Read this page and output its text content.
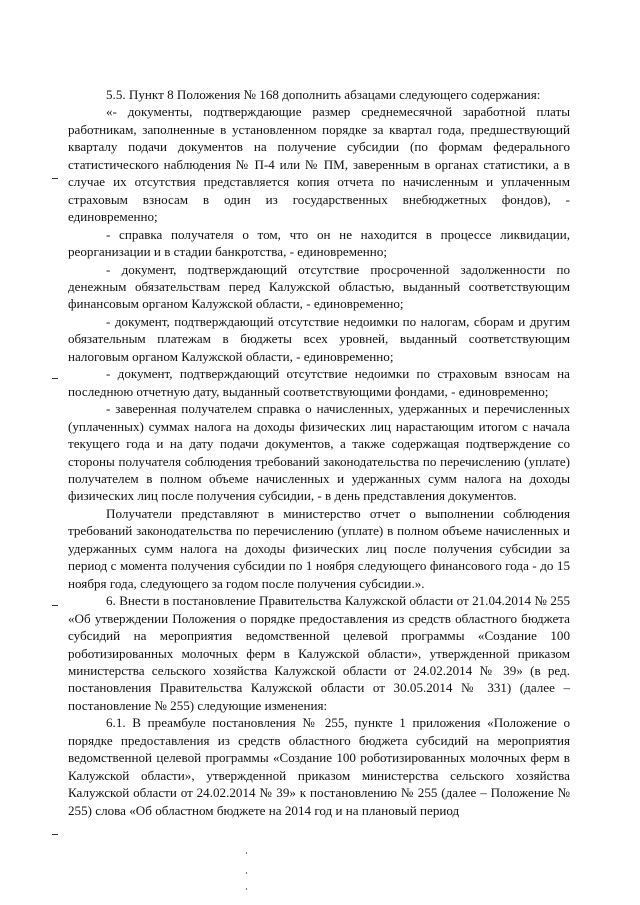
5.5. Пункт 8 Положения № 168 дополнить абзацами следующего содержания:

«- документы, подтверждающие размер среднемесячной заработной платы работникам, заполненные в установленном порядке за квартал года, предшествующий кварталу подачи документов на получение субсидии (по формам федерального статистического наблюдения № П-4 или № ПМ, заверенным в органах статистики, а в случае их отсутствия представляется копия отчета по начисленным и уплаченным страховым взносам в один из государственных внебюджетных фондов), - единовременно;

- справка получателя о том, что он не находится в процессе ликвидации, реорганизации и в стадии банкротства, - единовременно;

- документ, подтверждающий отсутствие просроченной задолженности по денежным обязательствам перед Калужской областью, выданный соответствующим финансовым органом Калужской области, - единовременно;

- документ, подтверждающий отсутствие недоимки по налогам, сборам и другим обязательным платежам в бюджеты всех уровней, выданный соответствующим налоговым органом Калужской области, - единовременно;

- документ, подтверждающий отсутствие недоимки по страховым взносам на последнюю отчетную дату, выданный соответствующими фондами, - единовременно;

- заверенная получателем справка о начисленных, удержанных и перечисленных (уплаченных) суммах налога на доходы физических лиц нарастающим итогом с начала текущего года и на дату подачи документов, а также содержащая подтверждение со стороны получателя соблюдения требований законодательства по перечислению (уплате) получателем в полном объеме начисленных и удержанных сумм налога на доходы физических лиц после получения субсидии, - в день представления документов.

Получатели представляют в министерство отчет о выполнении соблюдения требований законодательства по перечислению (уплате) в полном объеме начисленных и удержанных сумм налога на доходы физических лиц после получения субсидии за период с момента получения субсидии по 1 ноября следующего финансового года - до 15 ноября года, следующего за годом после получения субсидии.».

6. Внести в постановление Правительства Калужской области от 21.04.2014 № 255 «Об утверждении Положения о порядке предоставления из средств областного бюджета субсидий на мероприятия ведомственной целевой программы «Создание 100 роботизированных молочных ферм в Калужской области», утвержденной приказом министерства сельского хозяйства Калужской области от 24.02.2014 № 39» (в ред. постановления Правительства Калужской области от 30.05.2014 № 331) (далее – постановление № 255) следующие изменения:

6.1. В преамбуле постановления № 255, пункте 1 приложения «Положение о порядке предоставления из средств областного бюджета субсидий на мероприятия ведомственной целевой программы «Создание 100 роботизированных молочных ферм в Калужской области», утвержденной приказом министерства сельского хозяйства Калужской области от 24.02.2014 № 39» к постановлению № 255 (далее – Положение № 255) слова «Об областном бюджете на 2014 год и на плановый период
